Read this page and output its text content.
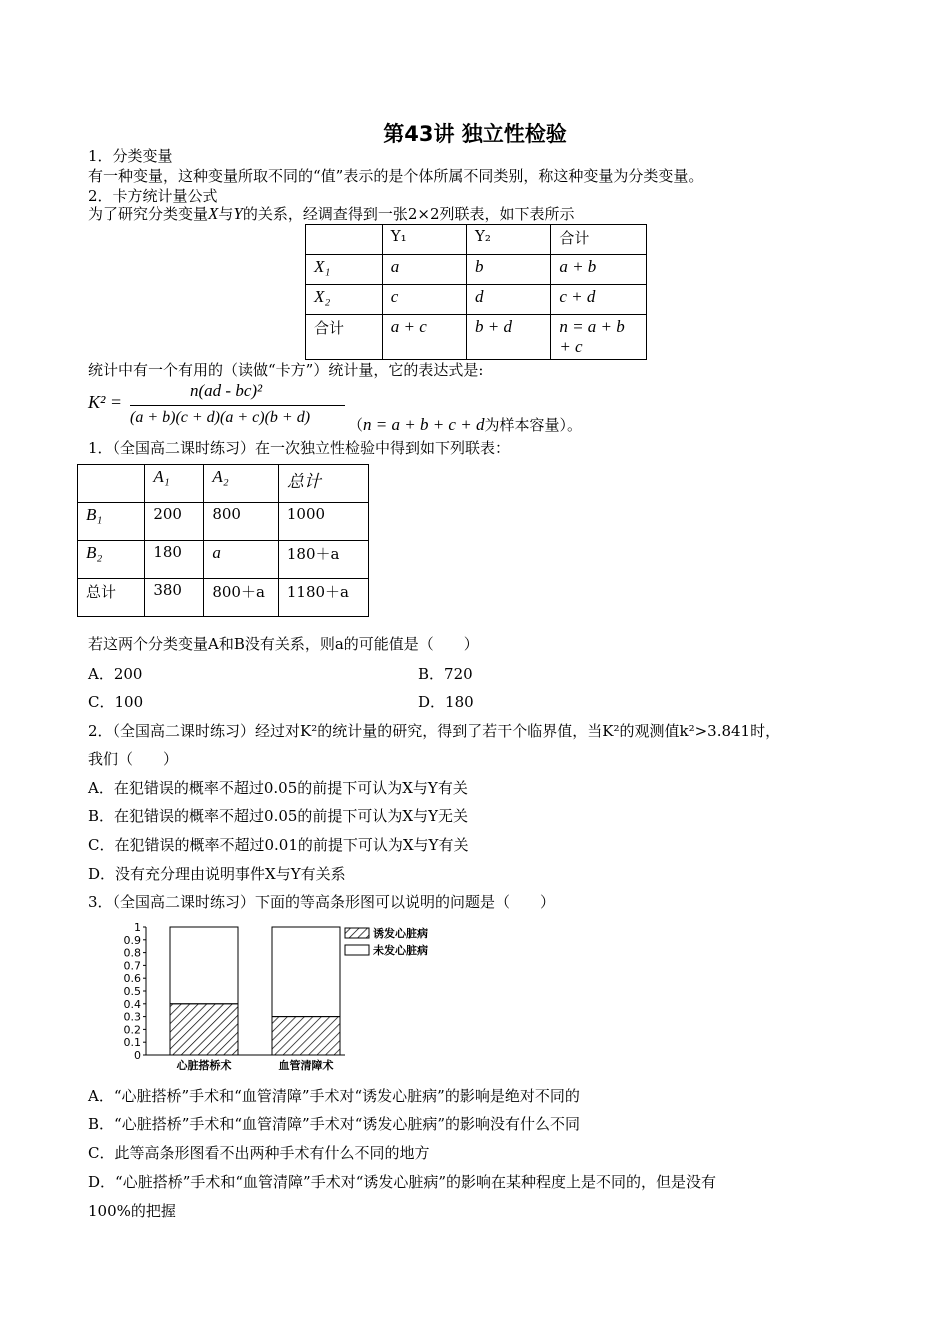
第43讲 独立性检验
1．分类变量
有一种变量，这种变量所取不同的“值”表示的是个体所属不同类别，称这种变量为分类变量。
2．卡方统计量公式
为了研究分类变量X与Y的关系，经调查得到一张2×2列联表，如下表所示
	Y₁	Y₂	合计
X₁	a	b	a + b
X₂	c	d	c + d
合计	a + c	b + d	n = a + b + c
统计中有一个有用的（读做“卡方”）统计量，它的表达式是:
K² =
n(ad - bc)²
(a + b)(c + d)(a + c)(b + d)	（n = a + b + c + d为样本容量）。
1．（全国高二课时练习）在一次独立性检验中得到如下列联表：
	A₁	A₂	总计
B₁	200	800	1000
B₂	180	a	180＋a
总计	380	800＋a	1180＋a
若这两个分类变量A和B没有关系，则a的可能值是（　　）
A．200	B．720
C．100	D．180
2．（全国高二课时练习）经过对K²的统计量的研究，得到了若干个临界值，当K²的观测值k²>3.841时，
我们（　　）
A．在犯错误的概率不超过0.05的前提下可认为X与Y有关
B．在犯错误的概率不超过0.05的前提下可认为X与Y无关
C．在犯错误的概率不超过0.01的前提下可认为X与Y有关
D．没有充分理由说明事件X与Y有关系
3．（全国高二课时练习）下面的等高条形图可以说明的问题是（　　）
0
0.1
0.2
0.3
0.4
0.5
0.6
0.7
0.8
0.9
1
心脏搭桥术	血管清障术
诱发心脏病
未发心脏病
A．“心脏搭桥”手术和“血管清障”手术对“诱发心脏病”的影响是绝对不同的
B．“心脏搭桥”手术和“血管清障”手术对“诱发心脏病”的影响没有什么不同
C．此等高条形图看不出两种手术有什么不同的地方
D．“心脏搭桥”手术和“血管清障”手术对“诱发心脏病”的影响在某种程度上是不同的，但是没有
100%的把握
